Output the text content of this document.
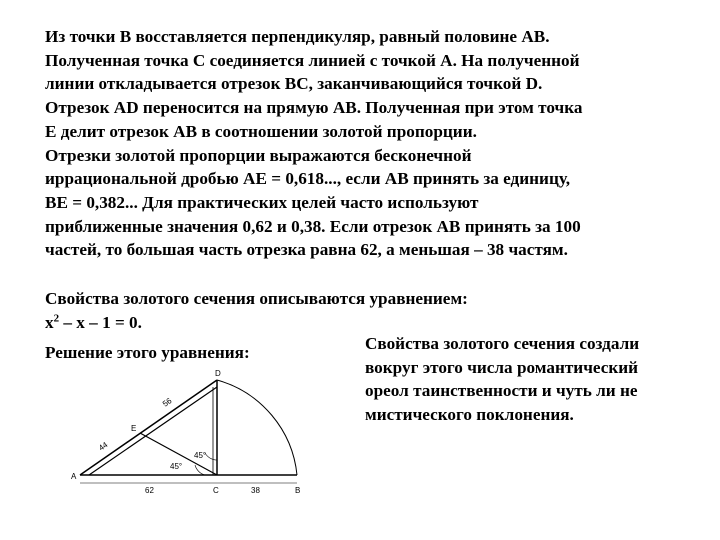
Из точки B восставляется перпендикуляр, равный половине AB.
Полученная точка C соединяется линией с точкой A. На полученной
линии откладывается отрезок BC, заканчивающийся точкой D.
Отрезок AD переносится на прямую AB. Полученная при этом точка
E делит отрезок AB в соотношении золотой пропорции.
Отрезки золотой пропорции выражаются бесконечной
иррациональной дробью AE = 0,618..., если AB принять за единицу,
BE = 0,382... Для практических целей часто используют
приближенные значения 0,62 и 0,38. Если отрезок AB принять за 100
частей, то большая часть отрезка равна 62, а меньшая – 38 частям.
Свойства золотого сечения описываются уравнением:
$x^2 - x - 1 = 0$.
Решение этого уравнения:	Свойства золотого сечения создали
вокруг этого числа романтический
ореол таинственности и чуть ли не
мистического поклонения.
A
E
D
C	B
44
56
45°
45°
62	38
